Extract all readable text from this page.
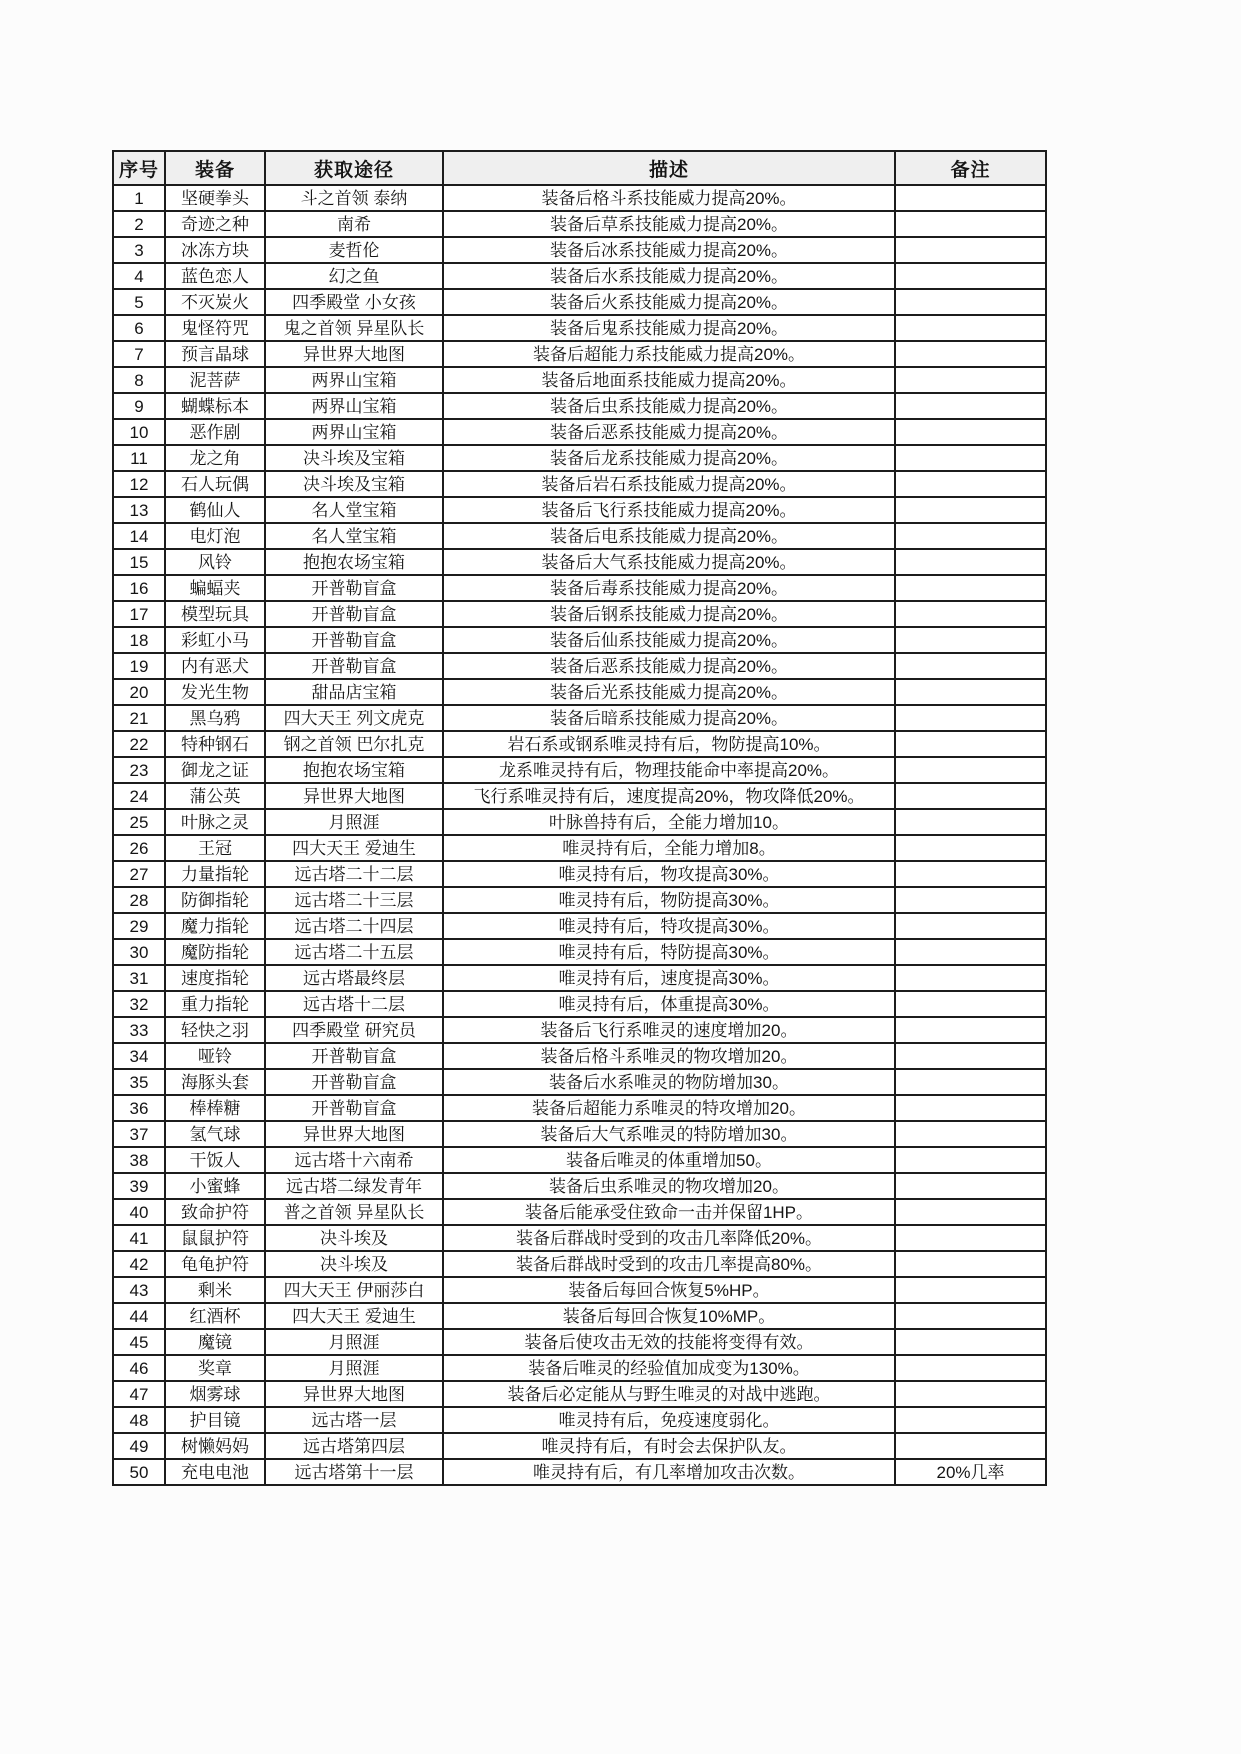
序号	装备	获取途径	描述	备注
1	坚硬拳头	斗之首领 泰纳	装备后格斗系技能威力提高20%。	
2	奇迹之种	南希	装备后草系技能威力提高20%。	
3	冰冻方块	麦哲伦	装备后冰系技能威力提高20%。	
4	蓝色恋人	幻之鱼	装备后水系技能威力提高20%。	
5	不灭炭火	四季殿堂 小女孩	装备后火系技能威力提高20%。	
6	鬼怪符咒	鬼之首领 异星队长	装备后鬼系技能威力提高20%。	
7	预言晶球	异世界大地图	装备后超能力系技能威力提高20%。	
8	泥菩萨	两界山宝箱	装备后地面系技能威力提高20%。	
9	蝴蝶标本	两界山宝箱	装备后虫系技能威力提高20%。	
10	恶作剧	两界山宝箱	装备后恶系技能威力提高20%。	
11	龙之角	决斗埃及宝箱	装备后龙系技能威力提高20%。	
12	石人玩偶	决斗埃及宝箱	装备后岩石系技能威力提高20%。	
13	鹤仙人	名人堂宝箱	装备后飞行系技能威力提高20%。	
14	电灯泡	名人堂宝箱	装备后电系技能威力提高20%。	
15	风铃	抱抱农场宝箱	装备后大气系技能威力提高20%。	
16	蝙蝠夹	开普勒盲盒	装备后毒系技能威力提高20%。	
17	模型玩具	开普勒盲盒	装备后钢系技能威力提高20%。	
18	彩虹小马	开普勒盲盒	装备后仙系技能威力提高20%。	
19	内有恶犬	开普勒盲盒	装备后恶系技能威力提高20%。	
20	发光生物	甜品店宝箱	装备后光系技能威力提高20%。	
21	黑乌鸦	四大天王 列文虎克	装备后暗系技能威力提高20%。	
22	特种钢石	钢之首领 巴尔扎克	岩石系或钢系唯灵持有后，物防提高10%。	
23	御龙之证	抱抱农场宝箱	龙系唯灵持有后，物理技能命中率提高20%。	
24	蒲公英	异世界大地图	飞行系唯灵持有后，速度提高20%，物攻降低20%。	
25	叶脉之灵	月照涯	叶脉兽持有后，全能力增加10。	
26	王冠	四大天王 爱迪生	唯灵持有后，全能力增加8。	
27	力量指轮	远古塔二十二层	唯灵持有后，物攻提高30%。	
28	防御指轮	远古塔二十三层	唯灵持有后，物防提高30%。	
29	魔力指轮	远古塔二十四层	唯灵持有后，特攻提高30%。	
30	魔防指轮	远古塔二十五层	唯灵持有后，特防提高30%。	
31	速度指轮	远古塔最终层	唯灵持有后，速度提高30%。	
32	重力指轮	远古塔十二层	唯灵持有后，体重提高30%。	
33	轻快之羽	四季殿堂 研究员	装备后飞行系唯灵的速度增加20。	
34	哑铃	开普勒盲盒	装备后格斗系唯灵的物攻增加20。	
35	海豚头套	开普勒盲盒	装备后水系唯灵的物防增加30。	
36	棒棒糖	开普勒盲盒	装备后超能力系唯灵的特攻增加20。	
37	氢气球	异世界大地图	装备后大气系唯灵的特防增加30。	
38	干饭人	远古塔十六南希	装备后唯灵的体重增加50。	
39	小蜜蜂	远古塔二绿发青年	装备后虫系唯灵的物攻增加20。	
40	致命护符	普之首领 异星队长	装备后能承受住致命一击并保留1HP。	
41	鼠鼠护符	决斗埃及	装备后群战时受到的攻击几率降低20%。	
42	龟龟护符	决斗埃及	装备后群战时受到的攻击几率提高80%。	
43	剩米	四大天王 伊丽莎白	装备后每回合恢复5%HP。	
44	红酒杯	四大天王 爱迪生	装备后每回合恢复10%MP。	
45	魔镜	月照涯	装备后使攻击无效的技能将变得有效。	
46	奖章	月照涯	装备后唯灵的经验值加成变为130%。	
47	烟雾球	异世界大地图	装备后必定能从与野生唯灵的对战中逃跑。	
48	护目镜	远古塔一层	唯灵持有后，免疫速度弱化。	
49	树懒妈妈	远古塔第四层	唯灵持有后，有时会去保护队友。	
50	充电电池	远古塔第十一层	唯灵持有后，有几率增加攻击次数。	20%几率
